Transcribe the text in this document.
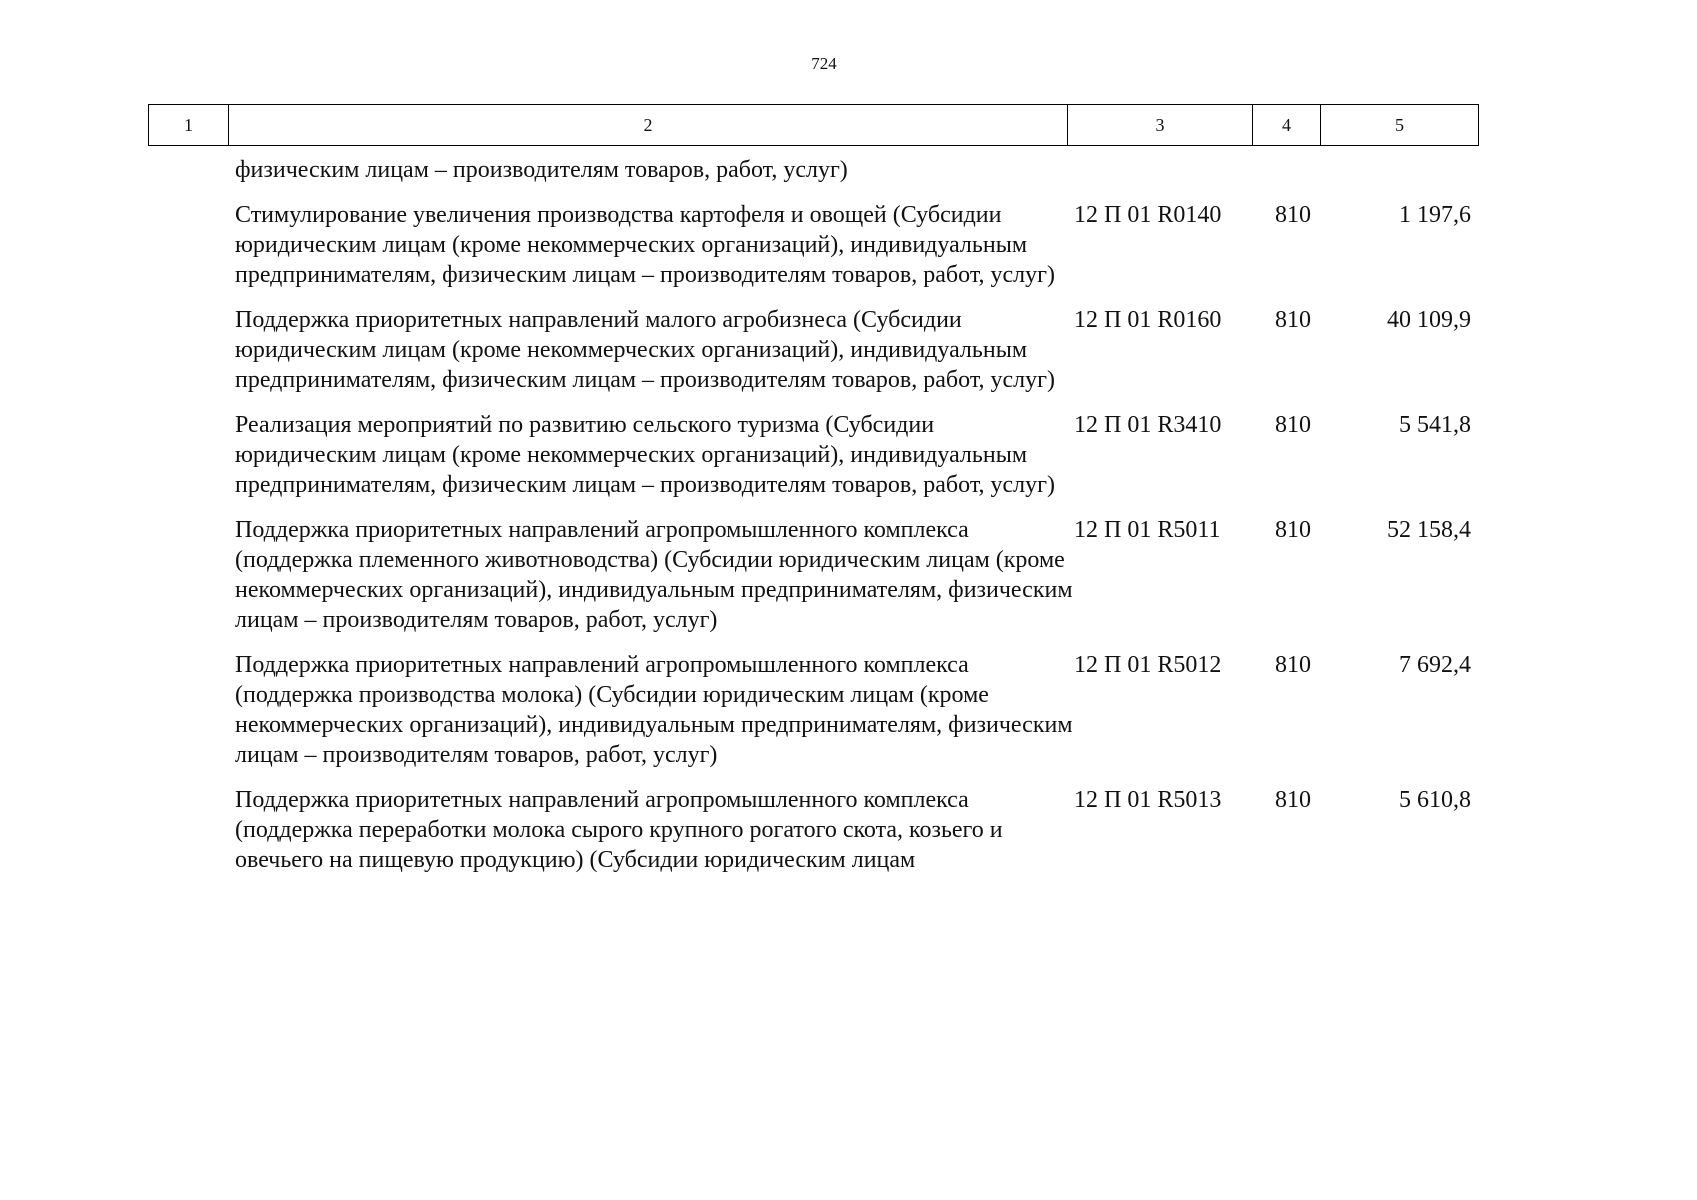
724
1	2	3	4	5
физическим лицам – производителям товаров, работ, услуг)
Стимулирование увеличения производства картофеля и овощей (Субсидии юридическим лицам (кроме некоммерческих организаций), индивидуальным предпринимателям, физическим лицам – производителям товаров, работ, услуг)
12 П 01 R0140	810	1 197,6
Поддержка приоритетных направлений малого агробизнеса (Субсидии юридическим лицам (кроме некоммерческих организаций), индивидуальным предпринимателям, физическим лицам – производителям товаров, работ, услуг)
12 П 01 R0160	810	40 109,9
Реализация мероприятий по развитию сельского туризма (Субсидии юридическим лицам (кроме некоммерческих организаций), индивидуальным предпринимателям, физическим лицам – производителям товаров, работ, услуг)
12 П 01 R3410	810	5 541,8
Поддержка приоритетных направлений агропромышленного комплекса (поддержка племенного животноводства) (Субсидии юридическим лицам (кроме некоммерческих организаций), индивидуальным предпринимателям, физическим лицам – производителям товаров, работ, услуг)
12 П 01 R5011	810	52 158,4
Поддержка приоритетных направлений агропромышленного комплекса (поддержка производства молока) (Субсидии юридическим лицам (кроме некоммерческих организаций), индивидуальным предпринимателям, физическим лицам – производителям товаров, работ, услуг)
12 П 01 R5012	810	7 692,4
Поддержка приоритетных направлений агропромышленного комплекса (поддержка переработки молока сырого крупного рогатого скота, козьего и овечьего на пищевую продукцию) (Субсидии юридическим лицам
12 П 01 R5013	810	5 610,8
